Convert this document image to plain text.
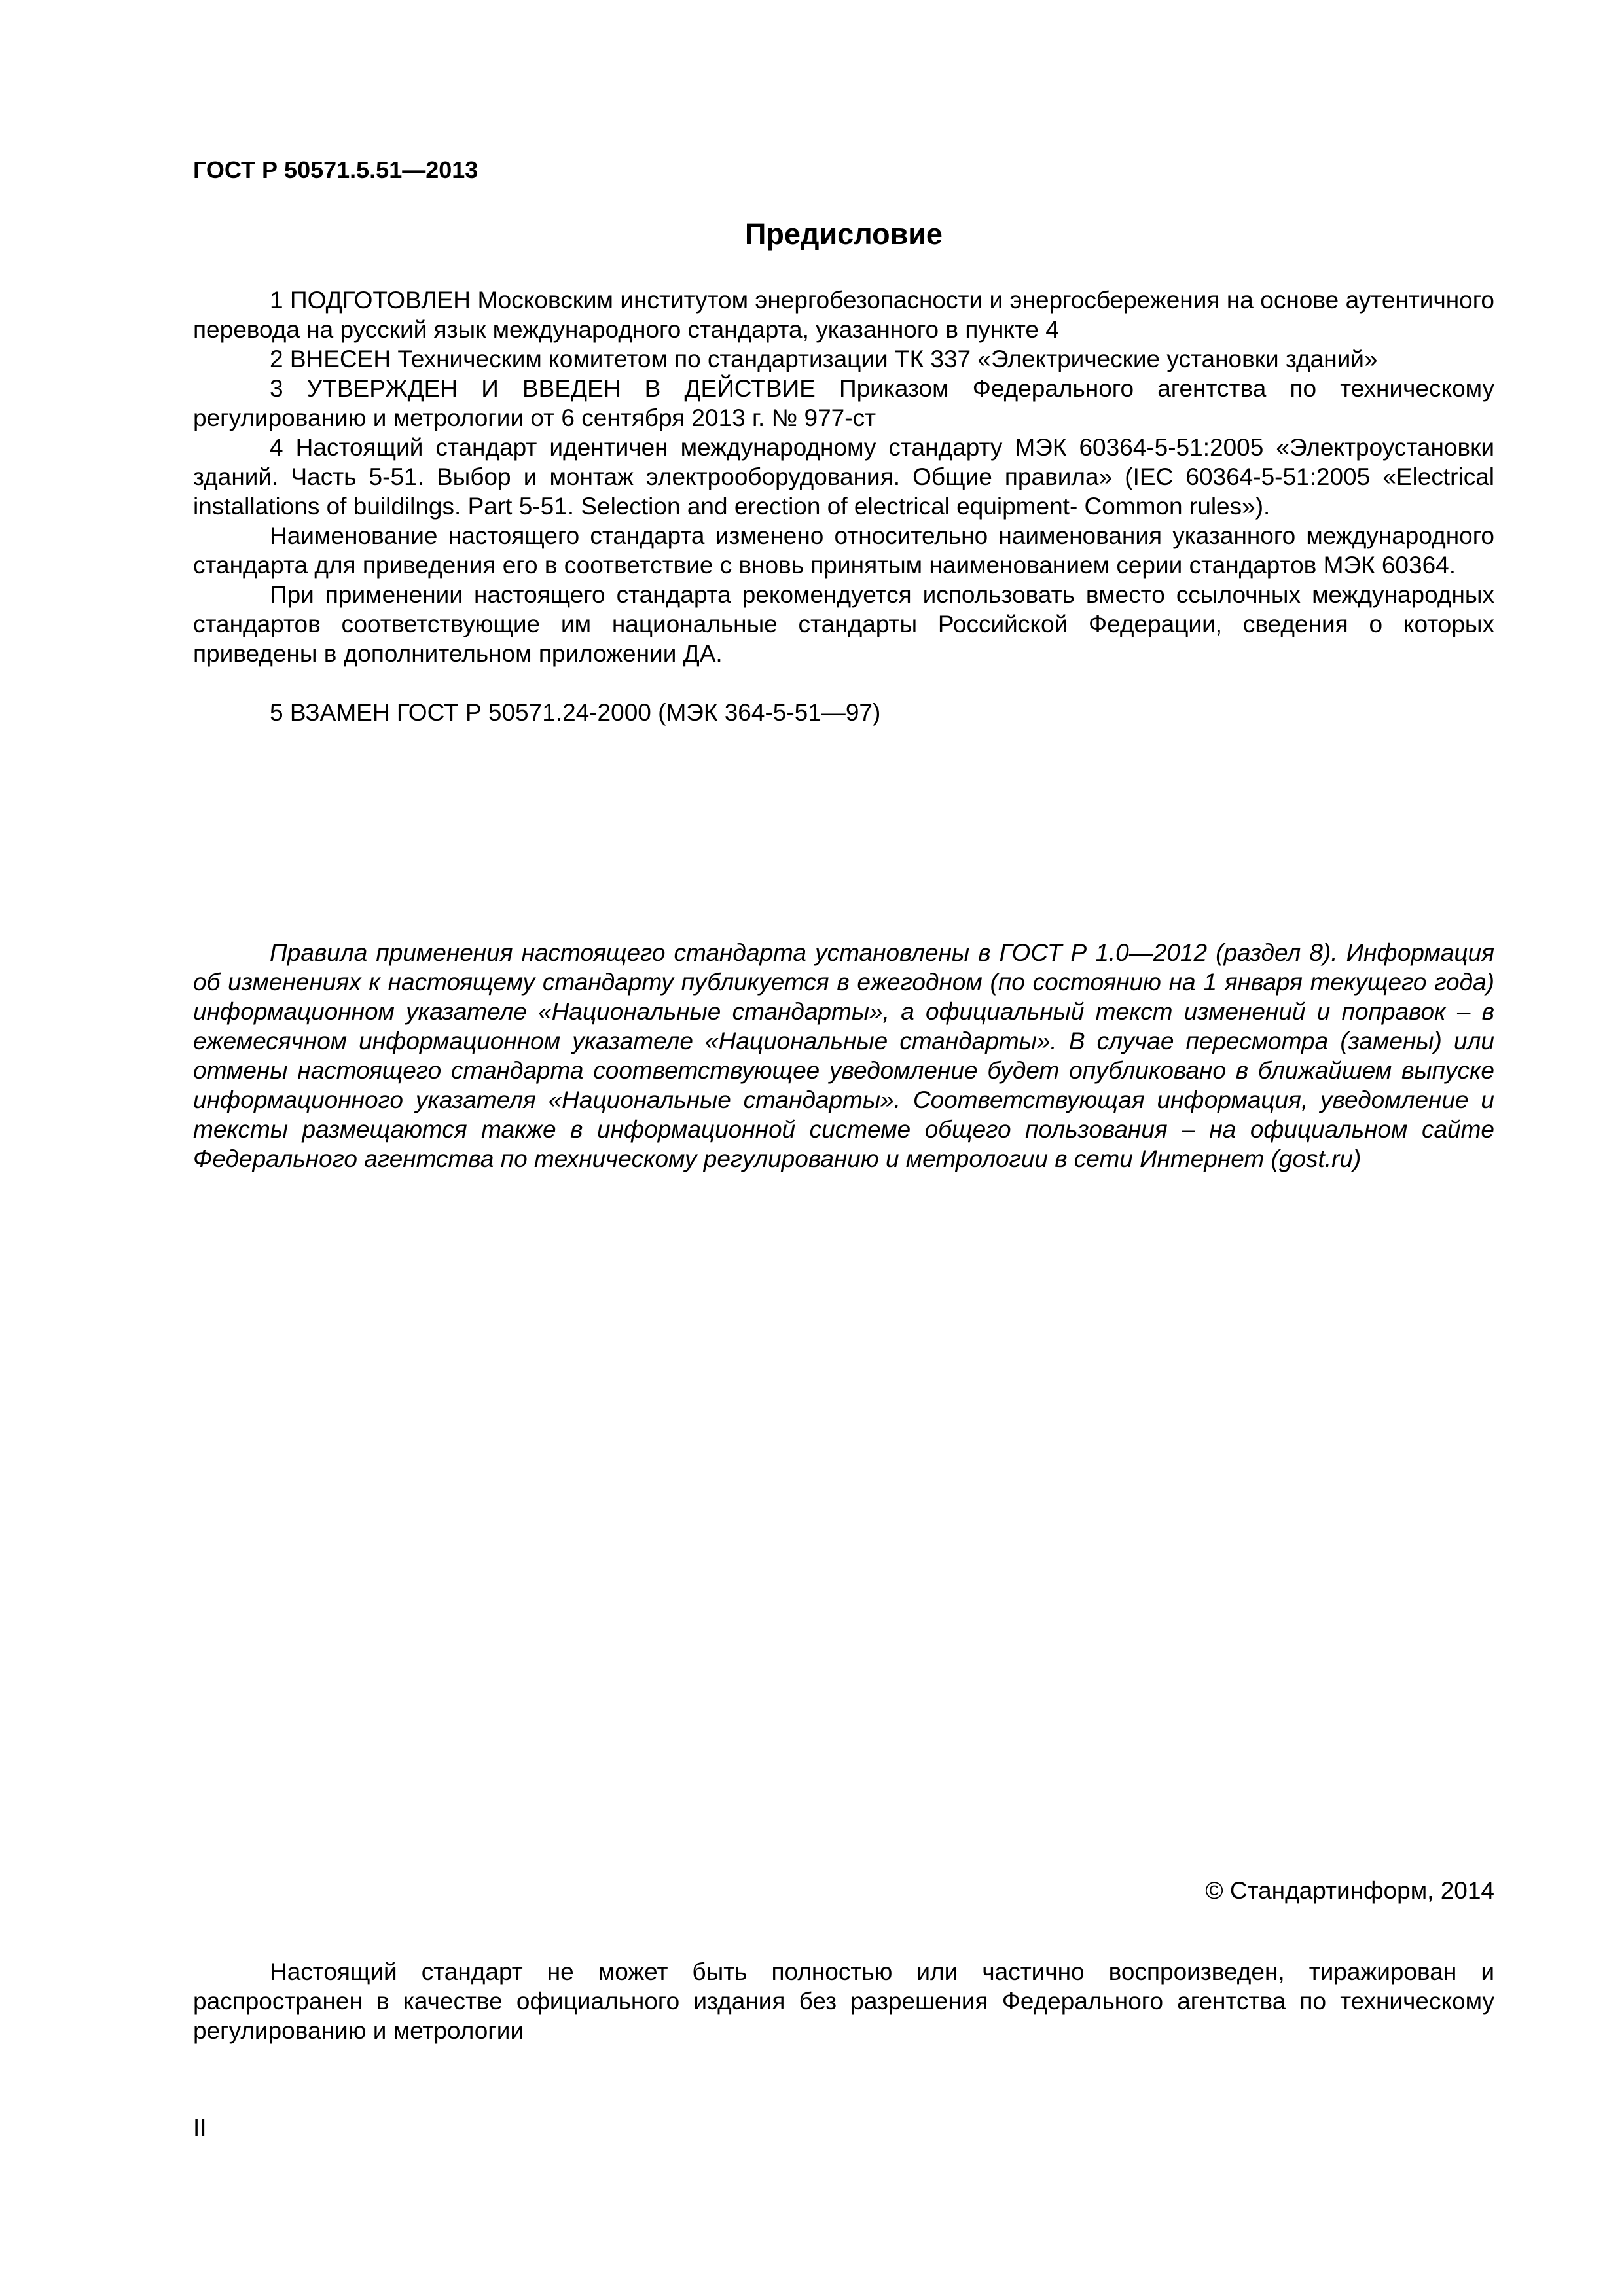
ГОСТ Р 50571.5.51—2013
Предисловие

1 ПОДГОТОВЛЕН Московским институтом энергобезопасности и энергосбережения на основе аутентичного перевода на русский язык международного стандарта, указанного в пункте 4

2 ВНЕСЕН Техническим комитетом по стандартизации ТК 337 «Электрические установки зданий»

3 УТВЕРЖДЕН И ВВЕДЕН В ДЕЙСТВИЕ Приказом Федерального агентства по техническому регулированию и метрологии от 6 сентября 2013 г. № 977-ст

4 Настоящий стандарт идентичен международному стандарту МЭК 60364-5-51:2005 «Электроустановки зданий. Часть 5-51. Выбор и монтаж электрооборудования. Общие правила» (IEC 60364-5-51:2005 «Electrical installations of buildilngs. Part 5-51. Selection and erection of electrical equipment- Common rules»).

Наименование настоящего стандарта изменено относительно наименования указанного международного стандарта для приведения его в соответствие с вновь принятым наименованием серии стандартов МЭК 60364.

При применении настоящего стандарта рекомендуется использовать вместо ссылочных международных стандартов соответствующие им национальные стандарты Российской Федерации, сведения о которых приведены в дополнительном приложении ДА.

5 ВЗАМЕН ГОСТ Р 50571.24-2000 (МЭК 364-5-51—97)

Правила применения настоящего стандарта установлены в ГОСТ Р 1.0—2012 (раздел 8). Информация об изменениях к настоящему стандарту публикуется в ежегодном (по состоянию на 1 января текущего года) информационном указателе «Национальные стандарты», а официальный текст изменений и поправок – в ежемесячном информационном указателе «Национальные стандарты». В случае пересмотра (замены) или отмены настоящего стандарта соответствующее уведомление будет опубликовано в ближайшем выпуске информационного указателя «Национальные стандарты». Соответствующая информация, уведомление и тексты размещаются также в информационной системе общего пользования – на официальном сайте Федерального агентства по техническому регулированию и метрологии в сети Интернет (gost.ru)

© Стандартинформ, 2014

Настоящий стандарт не может быть полностью или частично воспроизведен, тиражирован и распространен в качестве официального издания без разрешения Федерального агентства по техническому регулированию и метрологии

II
